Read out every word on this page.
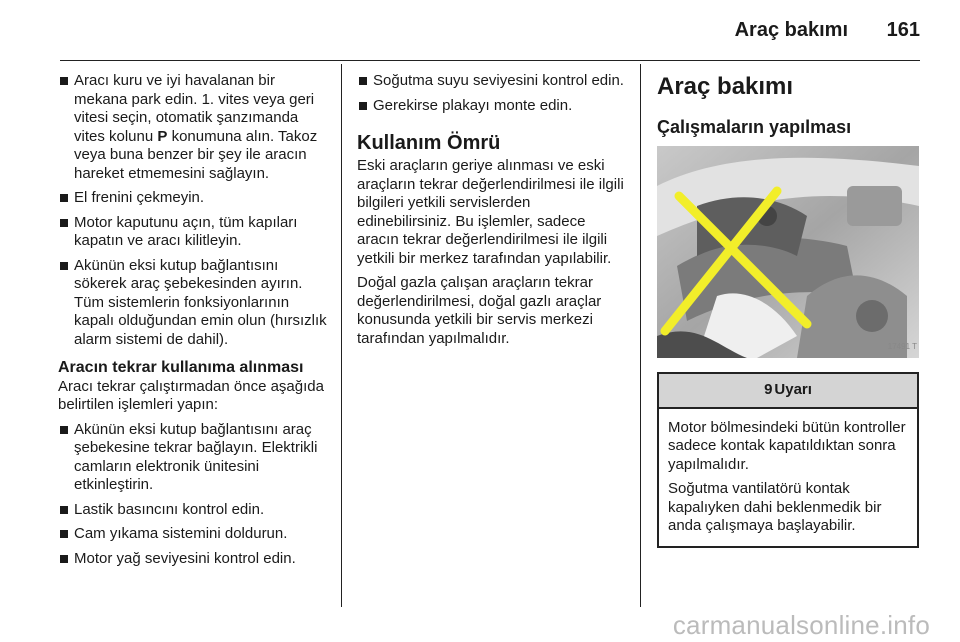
Araç bakımı 161
Aracı kuru ve iyi havalanan bir mekana park edin. 1. vites veya geri vitesi seçin, otomatik şanzımanda vites kolunu P konumuna alın. Takoz veya buna benzer bir şey ile aracın hareket etmemesini sağlayın.
El frenini çekmeyin.
Motor kaputunu açın, tüm kapıları kapatın ve aracı kilitleyin.
Akünün eksi kutup bağlantısını sökerek araç şebekesinden ayırın. Tüm sistemlerin fonksiyonlarının kapalı olduğundan emin olun (hırsızlık alarm sistemi de dahil).
Aracın tekrar kullanıma alınması

Aracı tekrar çalıştırmadan önce aşağıda belirtilen işlemleri yapın:

Akünün eksi kutup bağlantısını araç şebekesine tekrar bağlayın. Elektrikli camların elektronik ünitesini etkinleştirin.
Lastik basıncını kontrol edin.
Cam yıkama sistemini doldurun.
Motor yağ seviyesini kontrol edin.
Soğutma suyu seviyesini kontrol edin.
Gerekirse plakayı monte edin.
Kullanım Ömrü

Eski araçların geriye alınması ve eski araçların tekrar değerlendirilmesi ile ilgili bilgileri yetkili servislerden edinebilirsiniz. Bu işlemler, sadece aracın tekrar değerlendirilmesi ile ilgili yetkili bir merkez tarafından yapılabilir.

Doğal gazla çalışan araçların tekrar değerlendirilmesi, doğal gazlı araçlar konusunda yetkili bir servis merkezi tarafından yapılmalıdır.

Araç bakımı
Çalışmaların yapılması
17491 T
9 Uyarı

Motor bölmesindeki bütün kontroller sadece kontak kapatıldıktan sonra yapılmalıdır.

Soğutma vantilatörü kontak kapalıyken dahi beklenmedik bir anda çalışmaya başlayabilir.

carmanualsonline.info
